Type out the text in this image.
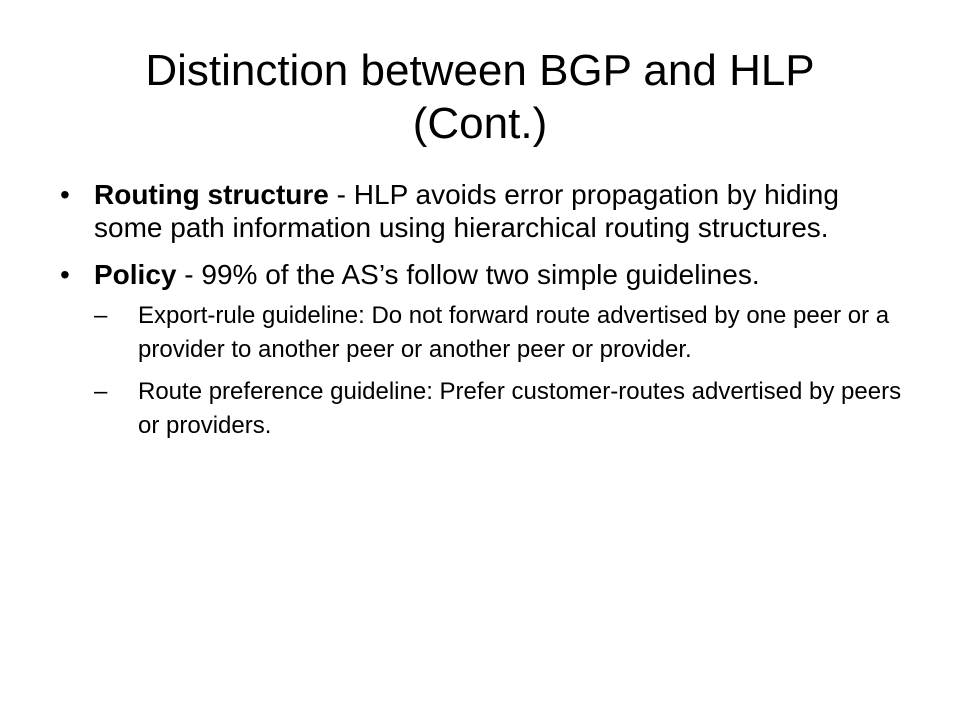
Distinction between BGP and HLP
(Cont.)
• Routing structure - HLP avoids error propagation by hiding some path information using hierarchical routing structures.
• Policy - 99% of the AS’s follow two simple guidelines.
– Export-rule guideline: Do not forward route advertised by one peer or a provider to another peer or another peer or provider.
– Route preference guideline: Prefer customer-routes advertised by peers or providers.
